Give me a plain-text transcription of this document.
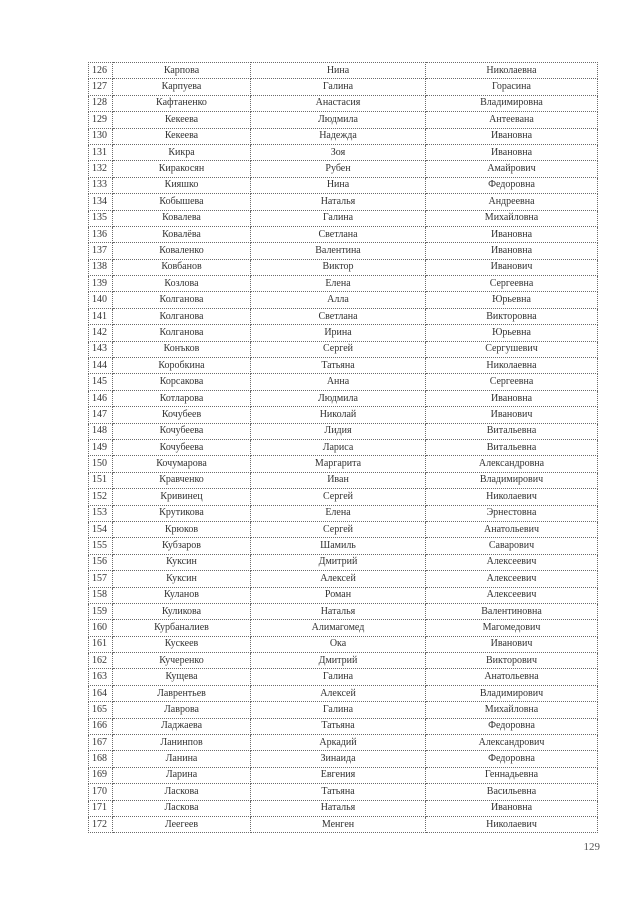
126	Карпова	Нина	Николаевна
127	Карпуева	Галина	Горасина
128	Кафтаненко	Анастасия	Владимировна
129	Кекеева	Людмила	Антеевана
130	Кекеева	Надежда	Ивановна
131	Кикра	Зоя	Ивановна
132	Киракосян	Рубен	Амайрович
133	Кияшко	Нина	Федоровна
134	Кобышева	Наталья	Андреевна
135	Ковалева	Галина	Михайловна
136	Ковалёва	Светлана	Ивановна
137	Коваленко	Валентина	Ивановна
138	Ковбанов	Виктор	Иванович
139	Козлова	Елена	Сергеевна
140	Колганова	Алла	Юрьевна
141	Колганова	Светлана	Викторовна
142	Колганова	Ирина	Юрьевна
143	Конъков	Сергей	Сергушевич
144	Коробкина	Татьяна	Николаевна
145	Корсакова	Анна	Сергеевна
146	Котларова	Людмила	Ивановна
147	Кочубеев	Николай	Иванович
148	Кочубеева	Лидия	Витальевна
149	Кочубеева	Лариса	Витальевна
150	Кочумарова	Маргарита	Александровна
151	Кравченко	Иван	Владимирович
152	Кривинец	Сергей	Николаевич
153	Крутикова	Елена	Эрнестовна
154	Крюков	Сергей	Анатольевич
155	Кубзаров	Шамиль	Саварович
156	Куксин	Дмитрий	Алексеевич
157	Куксин	Алексей	Алексеевич
158	Куланов	Роман	Алексеевич
159	Куликова	Наталья	Валентиновна
160	Курбаналиев	Алимагомед	Магомедович
161	Кускеев	Ока	Иванович
162	Кучеренко	Дмитрий	Викторович
163	Кущева	Галина	Анатольевна
164	Лаврентьев	Алексей	Владимирович
165	Лаврова	Галина	Михайловна
166	Ладжаева	Татьяна	Федоровна
167	Ланинпов	Аркадий	Александрович
168	Ланина	Зинаида	Федоровна
169	Ларина	Евгения	Геннадьевна
170	Ласкова	Татьяна	Васильевна
171	Ласкова	Наталья	Ивановна
172	Леегеев	Менген	Николаевич
129
